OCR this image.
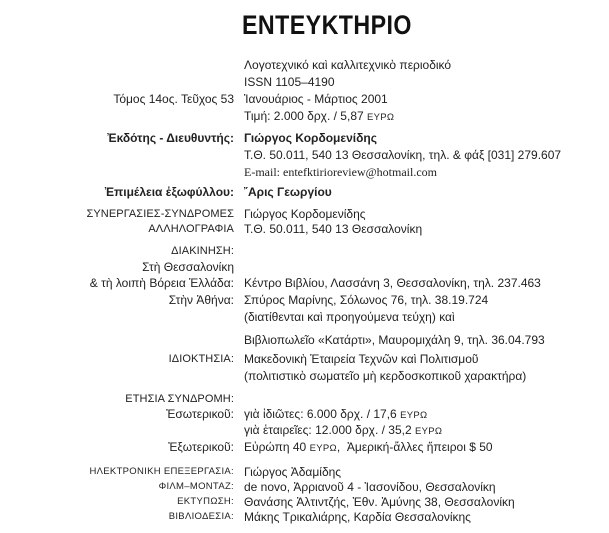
ΕΝΤΕΥΚΤΗΡΙΟ
Λογοτεχνικό καὶ καλλιτεχνικὸ περιοδικό
ISSN 1105–4190
Τόμος 14ος. Τεῦχος 53 Ἰανουάριος - Μάρτιος 2001
Τιμή: 2.000 δρχ. / 5,87 ΕΥΡΩ
Ἐκδότης - Διευθυντής: Γιώργος Κορδομενίδης
Τ.Θ. 50.011, 540 13 Θεσσαλονίκη, τηλ. & φάξ [031] 279.607
E-mail: entefktirioreview@hotmail.com
Ἐπιμέλεια ἐξωφύλλου: ῎Αρις Γεωργίου
ΣΥΝΕΡΓΑΣΙΕΣ-ΣΥΝΔΡΟΜΕΣ Γιώργος Κορδομενίδης
ΑΛΛΗΛΟΓΡΑΦΙΑ Τ.Θ. 50.011, 540 13 Θεσσαλονίκη
ΔΙΑΚΙΝΗΣΗ:
Στὴ Θεσσαλονίκη
& τὴ λοιπὴ Βόρεια Ἑλλάδα: Κέντρο Βιβλίου, Λασσάνη 3, Θεσσαλονίκη, τηλ. 237.463
Στὴν Ἀθήνα: Σπύρος Μαρίνης, Σόλωνος 76, τηλ. 38.19.724
(διατίθενται καὶ προηγούμενα τεύχη) καὶ
Βιβλιοπωλεῖο «Κατάρτι», Μαυρομιχάλη 9, τηλ. 36.04.793
ΙΔΙΟΚΤΗΣΙΑ: Μακεδονικὴ Ἑταιρεία Τεχνῶν καὶ Πολιτισμοῦ
(πολιτιστικὸ σωματεῖο μὴ κερδοσκοπικοῦ χαρακτήρα)
ΕΤΗΣΙΑ ΣΥΝΔΡΟΜΗ:
Ἐσωτερικοῦ: γιὰ ἰδιῶτες: 6.000 δρχ. / 17,6 ΕΥΡΩ
γιὰ ἑταιρεῖες: 12.000 δρχ. / 35,2 ΕΥΡΩ
Ἐξωτερικοῦ: Εὐρώπη 40 ΕΥΡΩ,  Ἀμερική-ἄλλες ἤπειροι $ 50
ΗΛΕΚΤΡΟΝΙΚΗ ΕΠΕΞΕΡΓΑΣΙΑ: Γιώργος Ἀδαμίδης
ΦΙΛΜ–ΜΟΝΤΑΖ: de novo, Ἀρριανοῦ 4 - Ἰασονίδου, Θεσσαλονίκη
ΕΚΤΥΠΩΣΗ: Θανάσης Ἀλτιντζής, Ἐθν. Ἀμύνης 38, Θεσσαλονίκη
ΒΙΒΛΙΟΔΕΣΙΑ: Μάκης Τρικαλιάρης, Καρδία Θεσσαλονίκης
